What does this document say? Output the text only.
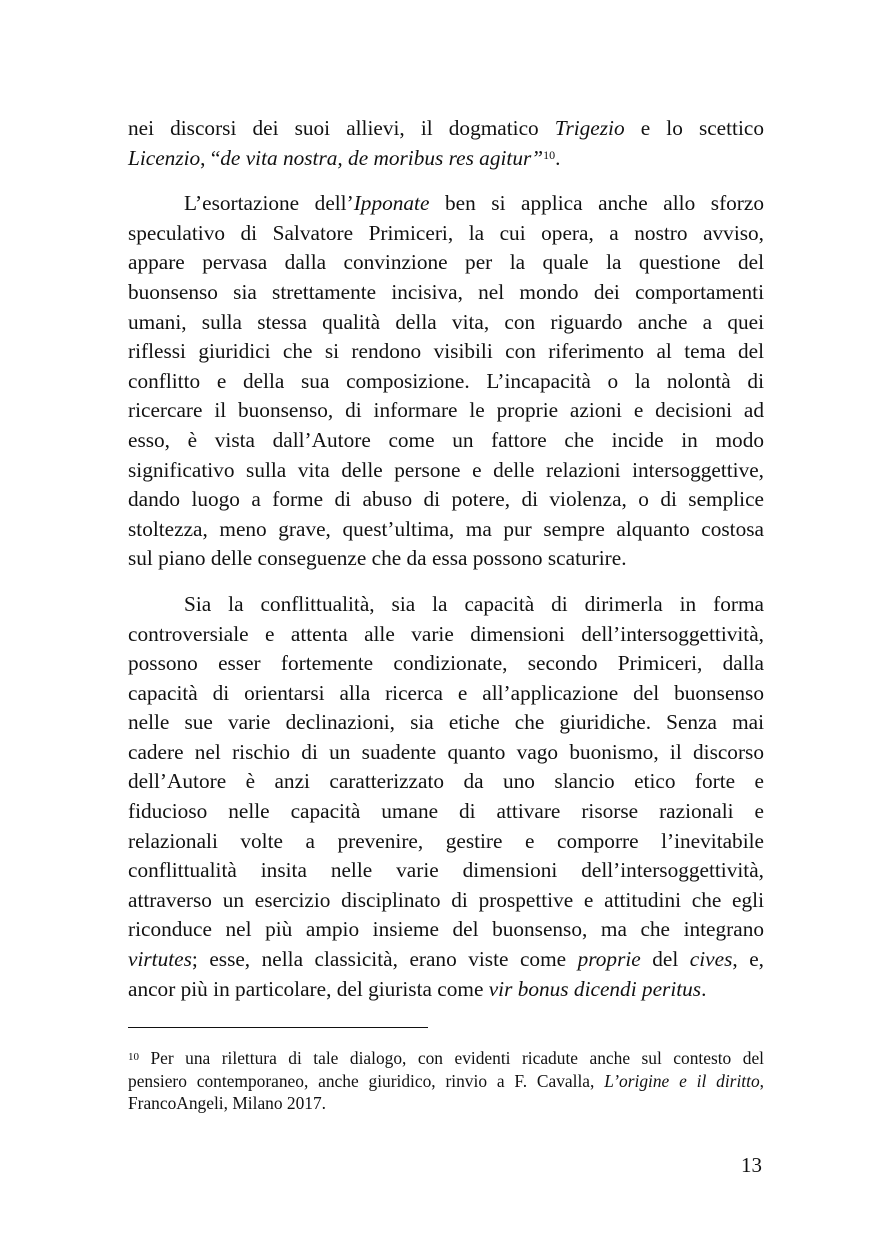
nei discorsi dei suoi allievi, il dogmatico Trigezio e lo scettico
Licenzio, “de vita nostra, de moribus res agitur”$^{10}$.
L’esortazione dell’Ipponate ben si applica anche allo sforzo
speculativo di Salvatore Primiceri, la cui opera, a nostro avviso,
appare pervasa dalla convinzione per la quale la questione del
buonsenso sia strettamente incisiva, nel mondo dei comportamenti
umani, sulla stessa qualità della vita, con riguardo anche a quei
riflessi giuridici che si rendono visibili con riferimento al tema del
conflitto e della sua composizione. L’incapacità o la nolontà di
ricercare il buonsenso, di informare le proprie azioni e decisioni ad
esso, è vista dall’Autore come un fattore che incide in modo
significativo sulla vita delle persone e delle relazioni intersoggettive,
dando luogo a forme di abuso di potere, di violenza, o di semplice
stoltezza, meno grave, quest’ultima, ma pur sempre alquanto costosa
sul piano delle conseguenze che da essa possono scaturire.
Sia la conflittualità, sia la capacità di dirimerla in forma
controversiale e attenta alle varie dimensioni dell’intersoggettività,
possono esser fortemente condizionate, secondo Primiceri, dalla
capacità di orientarsi alla ricerca e all’applicazione del buonsenso
nelle sue varie declinazioni, sia etiche che giuridiche. Senza mai
cadere nel rischio di un suadente quanto vago buonismo, il discorso
dell’Autore è anzi caratterizzato da uno slancio etico forte e
fiducioso nelle capacità umane di attivare risorse razionali e
relazionali volte a prevenire, gestire e comporre l’inevitabile
conflittualità insita nelle varie dimensioni dell’intersoggettività,
attraverso un esercizio disciplinato di prospettive e attitudini che egli
riconduce nel più ampio insieme del buonsenso, ma che integrano
virtutes; esse, nella classicità, erano viste come proprie del cives, e,
ancor più in particolare, del giurista come vir bonus dicendi peritus.
$^{10}$ Per una rilettura di tale dialogo, con evidenti ricadute anche sul contesto del
pensiero contemporaneo, anche giuridico, rinvio a F. Cavalla, L’origine e il diritto,
FrancoAngeli, Milano 2017.
13
